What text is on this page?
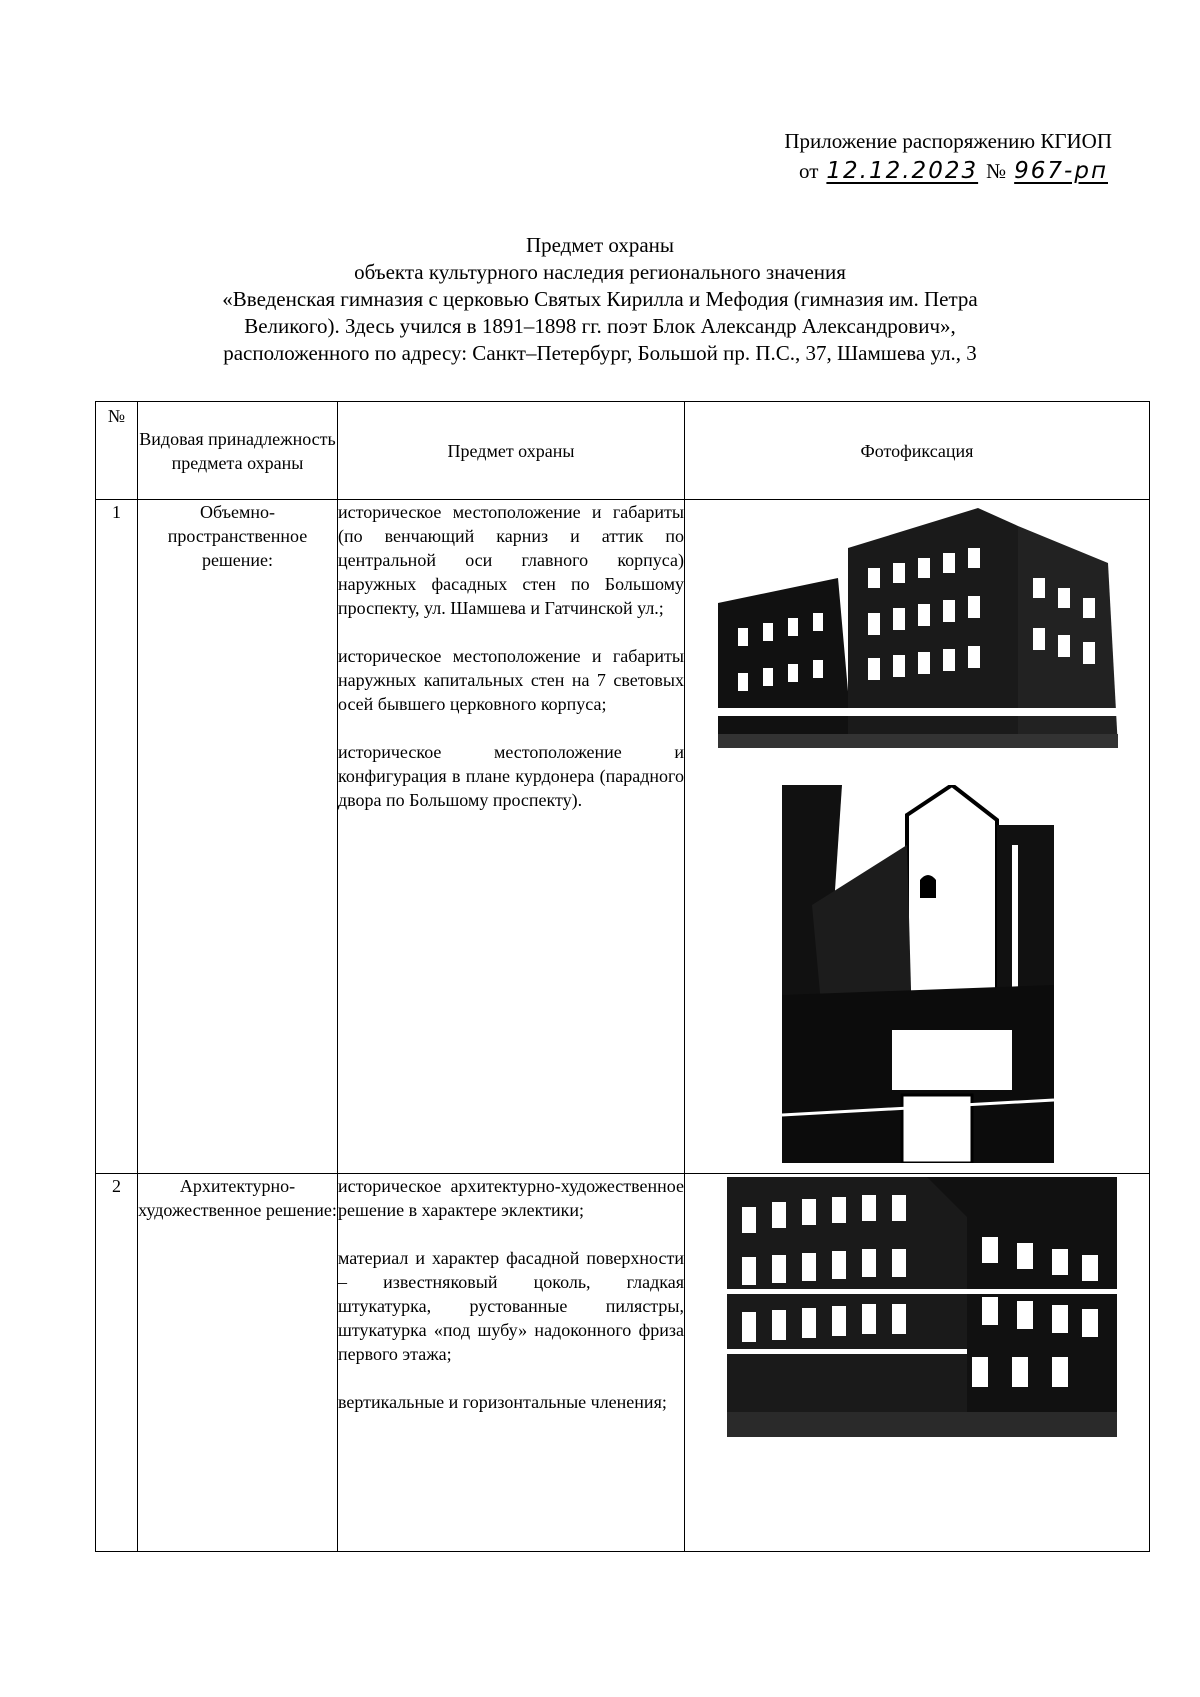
Приложение распоряжению КГИОП
от 12.12.2023 № 967-рп
Предмет охраны
объекта культурного наследия регионального значения
«Введенская гимназия с церковью Святых Кирилла и Мефодия (гимназия им. Петра
Великого). Здесь учился в 1891–1898 гг. поэт Блок Александр Александрович»,
расположенного по адресу: Санкт–Петербург, Большой пр. П.С., 37, Шамшева ул., 3
№	Видовая принадлежность предмета охраны	Предмет охраны	Фотофиксация
1	Объемно-пространственное решение:	историческое местоположение и габариты (по венчающий карниз и аттик по центральной оси главного корпуса) наружных фасадных стен по Большому проспекту, ул. Шамшева и Гатчинской ул.;

историческое местоположение и габариты наружных капитальных стен на 7 световых осей бывшего церковного корпуса;

историческое местоположение и конфигурация в плане курдонера (парадного двора по Большому проспекту).

2	Архитектурно-художественное решение:	историческое архитектурно-художественное решение в характере эклектики;

материал и характер фасадной поверхности – известняковый цоколь, гладкая штукатурка, рустованные пилястры, штукатурка «под шубу» надоконного фриза первого этажа;

вертикальные и горизонтальные членения;
